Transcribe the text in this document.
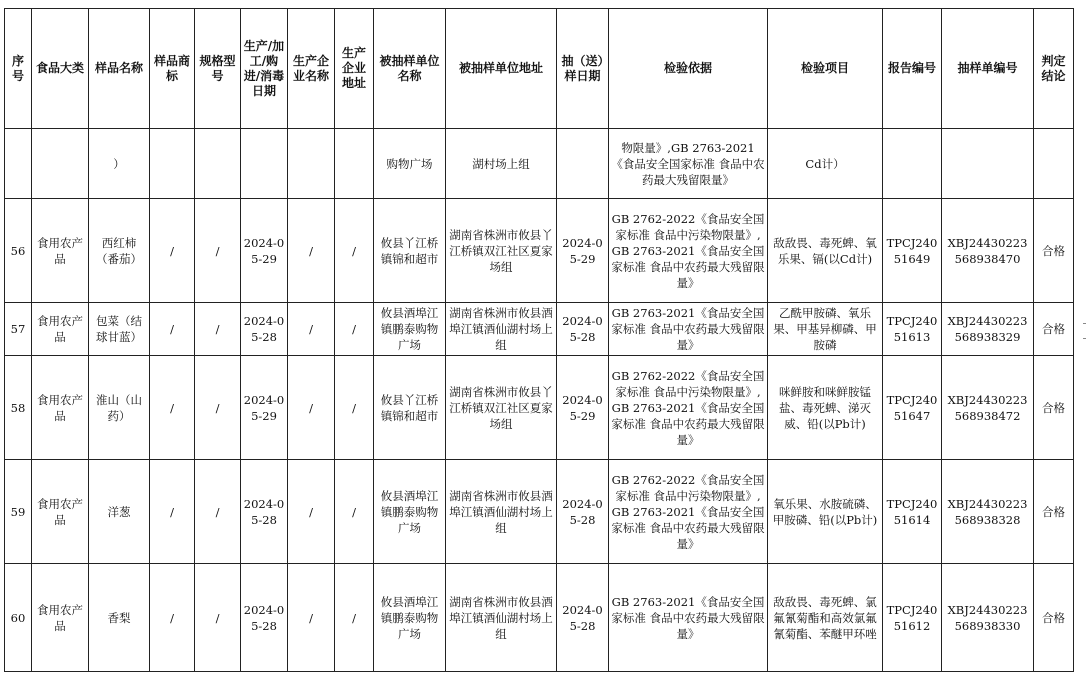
序号	食品大类	样品名称	样品商标	规格型号	生产/加工/购进/消毒日期	生产企业名称	生产企业地址	被抽样单位名称	被抽样单位地址	抽（送）样日期	检验依据	检验项目	报告编号	抽样单编号	判定结论
		）						购物广场	湖村场上组		物限量》,GB 2763-2021《食品安全国家标准 食品中农药最大残留限量》	Cd计）			
56	食用农产品	西红柿（番茄）	/	/	2024-05-29	/	/	攸县丫江桥镇锦和超市	湖南省株洲市攸县丫江桥镇双江社区夏家场组	2024-05-29	GB 2762-2022《食品安全国家标准 食品中污染物限量》,GB 2763-2021《食品安全国家标准 食品中农药最大残留限量》	敌敌畏、毒死蜱、氧乐果、镉(以Cd计)	TPCJ24051649	XBJ24430223568938470	合格
57	食用农产品	包菜（结球甘蓝）	/	/	2024-05-28	/	/	攸县酒埠江镇鹏泰购物广场	湖南省株洲市攸县酒埠江镇酒仙湖村场上组	2024-05-28	GB 2763-2021《食品安全国家标准 食品中农药最大残留限量》	乙酰甲胺磷、氧乐果、甲基异柳磷、甲胺磷	TPCJ24051613	XBJ24430223568938329	合格
58	食用农产品	淮山（山药）	/	/	2024-05-29	/	/	攸县丫江桥镇锦和超市	湖南省株洲市攸县丫江桥镇双江社区夏家场组	2024-05-29	GB 2762-2022《食品安全国家标准 食品中污染物限量》,GB 2763-2021《食品安全国家标准 食品中农药最大残留限量》	咪鲜胺和咪鲜胺锰盐、毒死蜱、涕灭威、铅(以Pb计)	TPCJ24051647	XBJ24430223568938472	合格
59	食用农产品	洋葱	/	/	2024-05-28	/	/	攸县酒埠江镇鹏泰购物广场	湖南省株洲市攸县酒埠江镇酒仙湖村场上组	2024-05-28	GB 2762-2022《食品安全国家标准 食品中污染物限量》,GB 2763-2021《食品安全国家标准 食品中农药最大残留限量》	氧乐果、水胺硫磷、甲胺磷、铅(以Pb计)	TPCJ24051614	XBJ24430223568938328	合格
60	食用农产品	香梨	/	/	2024-05-28	/	/	攸县酒埠江镇鹏泰购物广场	湖南省株洲市攸县酒埠江镇酒仙湖村场上组	2024-05-28	GB 2763-2021《食品安全国家标准 食品中农药最大残留限量》	敌敌畏、毒死蜱、氯氟氰菊酯和高效氯氟氰菊酯、苯醚甲环唑	TPCJ24051612	XBJ24430223568938330	合格
